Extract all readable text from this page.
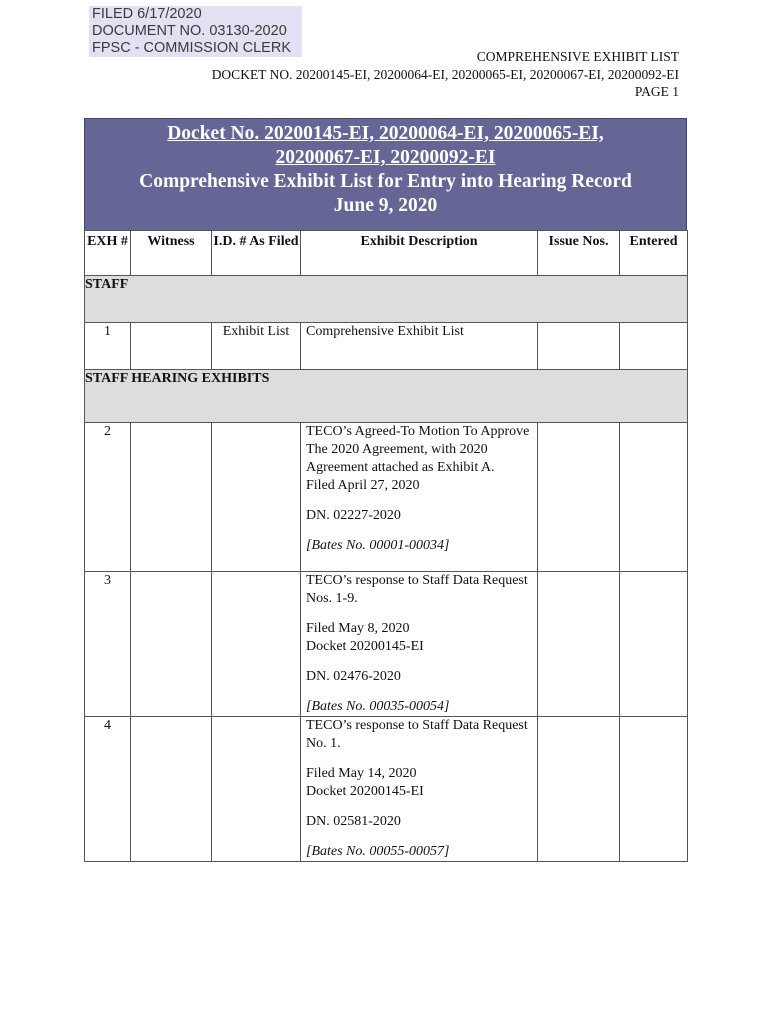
FILED 6/17/2020
DOCUMENT NO. 03130-2020
FPSC - COMMISSION CLERK
COMPREHENSIVE EXHIBIT LIST
DOCKET NO. 20200145-EI, 20200064-EI, 20200065-EI, 20200067-EI, 20200092-EI
PAGE 1
Docket No. 20200145-EI, 20200064-EI, 20200065-EI,
20200067-EI, 20200092-EI
Comprehensive Exhibit List for Entry into Hearing Record
June 9, 2020
EXH #	Witness	I.D. # As Filed	Exhibit Description	Issue Nos.	Entered
STAFF					
1		Exhibit List	Comprehensive Exhibit List		
STAFF HEARING EXHIBITS					
2			TECO’s Agreed-To Motion To Approve The 2020 Agreement, with 2020 Agreement attached as Exhibit A.

Filed April 27, 2020

DN. 02227-2020

[Bates No. 00001-00034]		

3			TECO’s response to Staff Data Request Nos. 1-9.

Filed May 8, 2020

Docket 20200145-EI

DN. 02476-2020

[Bates No. 00035-00054]		

4			TECO’s response to Staff Data Request No. 1.

Filed May 14, 2020

Docket 20200145-EI

DN. 02581-2020

[Bates No. 00055-00057]		
